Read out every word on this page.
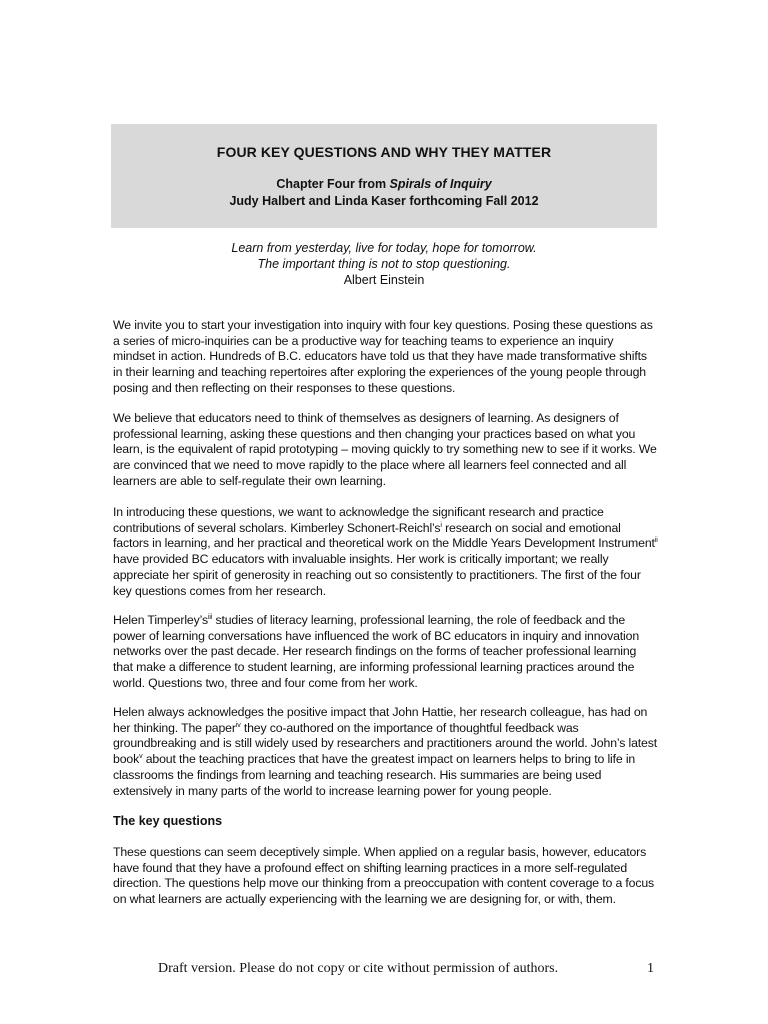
FOUR KEY QUESTIONS AND WHY THEY MATTER
Chapter Four from Spirals of Inquiry
Judy Halbert and Linda Kaser forthcoming Fall 2012
Learn from yesterday, live for today, hope for tomorrow.
The important thing is not to stop questioning.
Albert Einstein

We invite you to start your investigation into inquiry with four key questions. Posing these questions as a series of micro-inquiries can be a productive way for teaching teams to experience an inquiry mindset in action. Hundreds of B.C. educators have told us that they have made transformative shifts in their learning and teaching repertoires after exploring the experiences of the young people through posing and then reflecting on their responses to these questions.

We believe that educators need to think of themselves as designers of learning. As designers of professional learning, asking these questions and then changing your practices based on what you learn, is the equivalent of rapid prototyping – moving quickly to try something new to see if it works. We are convinced that we need to move rapidly to the place where all learners feel connected and all learners are able to self-regulate their own learning.

In introducing these questions, we want to acknowledge the significant research and practice contributions of several scholars. Kimberley Schonert-$Reichl’s^i$ research on social and emotional factors in learning, and her practical and theoretical work on the Middle Years Development Instrument$^{ii}$ have provided BC educators with invaluable insights. Her work is critically important; we really appreciate her spirit of generosity in reaching out so consistently to practitioners. The first of the four key questions comes from her research.

Helen $Timperley’s^{iii}$ studies of literacy learning, professional learning, the role of feedback and the power of learning conversations have influenced the work of BC educators in inquiry and innovation networks over the past decade. Her research findings on the forms of teacher professional learning that make a difference to student learning, are informing professional learning practices around the world. Questions two, three and four come from her work.

Helen always acknowledges the positive impact that John Hattie, her research colleague, has had on her thinking. The paper$^{iv}$ they co-authored on the importance of thoughtful feedback was groundbreaking and is still widely used by researchers and practitioners around the world. John’s latest book$^v$ about the teaching practices that have the greatest impact on learners helps to bring to life in classrooms the findings from learning and teaching research. His summaries are being used extensively in many parts of the world to increase learning power for young people.

The key questions

These questions can seem deceptively simple. When applied on a regular basis, however, educators have found that they have a profound effect on shifting learning practices in a more self-regulated direction. The questions help move our thinking from a preoccupation with content coverage to a focus on what learners are actually experiencing with the learning we are designing for, or with, them.

Draft version. Please do not copy or cite without permission of authors.	1
